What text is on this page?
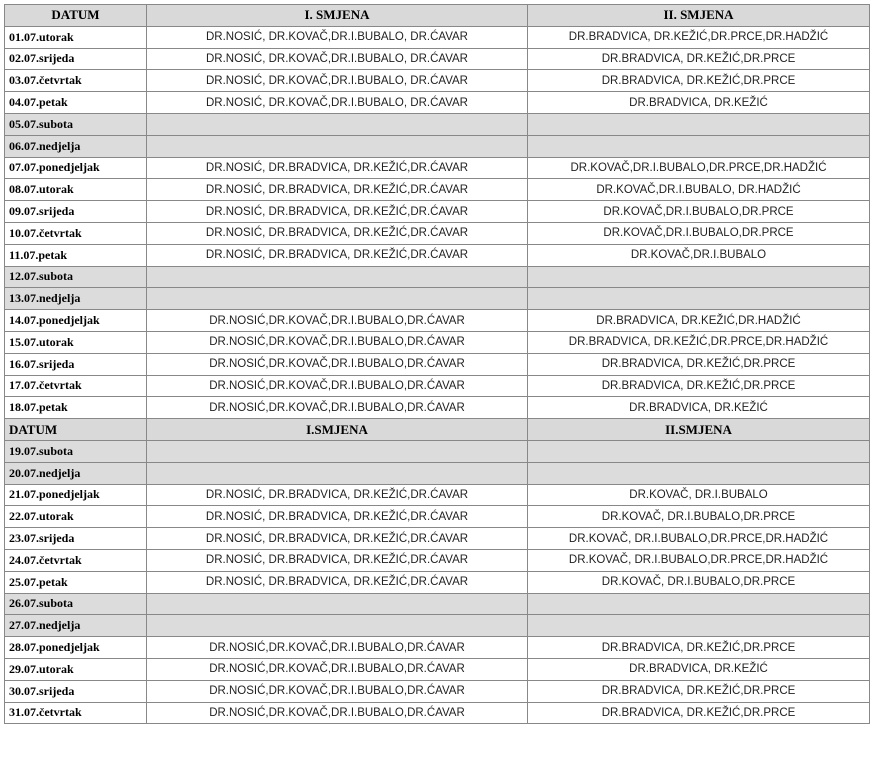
DATUM	I. SMJENA	II. SMJENA
01.07.utorak	DR.NOSIĆ, DR.KOVAČ,DR.I.BUBALO, DR.ĆAVAR	DR.BRADVICA, DR.KEŽIĆ,DR.PRCE,DR.HADŽIĆ
02.07.srijeda	DR.NOSIĆ, DR.KOVAČ,DR.I.BUBALO, DR.ĆAVAR	DR.BRADVICA, DR.KEŽIĆ,DR.PRCE
03.07.četvrtak	DR.NOSIĆ, DR.KOVAČ,DR.I.BUBALO, DR.ĆAVAR	DR.BRADVICA, DR.KEŽIĆ,DR.PRCE
04.07.petak	DR.NOSIĆ, DR.KOVAČ,DR.I.BUBALO, DR.ĆAVAR	DR.BRADVICA, DR.KEŽIĆ
05.07.subota		
06.07.nedjelja		
07.07.ponedjeljak	DR.NOSIĆ, DR.BRADVICA, DR.KEŽIĆ,DR.ĆAVAR	DR.KOVAČ,DR.I.BUBALO,DR.PRCE,DR.HADŽIĆ
08.07.utorak	DR.NOSIĆ, DR.BRADVICA, DR.KEŽIĆ,DR.ĆAVAR	DR.KOVAČ,DR.I.BUBALO, DR.HADŽIĆ
09.07.srijeda	DR.NOSIĆ, DR.BRADVICA, DR.KEŽIĆ,DR.ĆAVAR	DR.KOVAČ,DR.I.BUBALO,DR.PRCE
10.07.četvrtak	DR.NOSIĆ, DR.BRADVICA, DR.KEŽIĆ,DR.ĆAVAR	DR.KOVAČ,DR.I.BUBALO,DR.PRCE
11.07.petak	DR.NOSIĆ, DR.BRADVICA, DR.KEŽIĆ,DR.ĆAVAR	DR.KOVAČ,DR.I.BUBALO
12.07.subota		
13.07.nedjelja		
14.07.ponedjeljak	DR.NOSIĆ,DR.KOVAČ,DR.I.BUBALO,DR.ĆAVAR	DR.BRADVICA, DR.KEŽIĆ,DR.HADŽIĆ
15.07.utorak	DR.NOSIĆ,DR.KOVAČ,DR.I.BUBALO,DR.ĆAVAR	DR.BRADVICA, DR.KEŽIĆ,DR.PRCE,DR.HADŽIĆ
16.07.srijeda	DR.NOSIĆ,DR.KOVAČ,DR.I.BUBALO,DR.ĆAVAR	DR.BRADVICA, DR.KEŽIĆ,DR.PRCE
17.07.četvrtak	DR.NOSIĆ,DR.KOVAČ,DR.I.BUBALO,DR.ĆAVAR	DR.BRADVICA, DR.KEŽIĆ,DR.PRCE
18.07.petak	DR.NOSIĆ,DR.KOVAČ,DR.I.BUBALO,DR.ĆAVAR	DR.BRADVICA, DR.KEŽIĆ
DATUM	I.SMJENA	II.SMJENA
19.07.subota		
20.07.nedjelja		
21.07.ponedjeljak	DR.NOSIĆ, DR.BRADVICA, DR.KEŽIĆ,DR.ĆAVAR	DR.KOVAČ, DR.I.BUBALO
22.07.utorak	DR.NOSIĆ, DR.BRADVICA, DR.KEŽIĆ,DR.ĆAVAR	DR.KOVAČ, DR.I.BUBALO,DR.PRCE
23.07.srijeda	DR.NOSIĆ, DR.BRADVICA, DR.KEŽIĆ,DR.ĆAVAR	DR.KOVAČ, DR.I.BUBALO,DR.PRCE,DR.HADŽIĆ
24.07.četvrtak	DR.NOSIĆ, DR.BRADVICA, DR.KEŽIĆ,DR.ĆAVAR	DR.KOVAČ, DR.I.BUBALO,DR.PRCE,DR.HADŽIĆ
25.07.petak	DR.NOSIĆ, DR.BRADVICA, DR.KEŽIĆ,DR.ĆAVAR	DR.KOVAČ, DR.I.BUBALO,DR.PRCE
26.07.subota		
27.07.nedjelja		
28.07.ponedjeljak	DR.NOSIĆ,DR.KOVAČ,DR.I.BUBALO,DR.ĆAVAR	DR.BRADVICA, DR.KEŽIĆ,DR.PRCE
29.07.utorak	DR.NOSIĆ,DR.KOVAČ,DR.I.BUBALO,DR.ĆAVAR	DR.BRADVICA, DR.KEŽIĆ
30.07.srijeda	DR.NOSIĆ,DR.KOVAČ,DR.I.BUBALO,DR.ĆAVAR	DR.BRADVICA, DR.KEŽIĆ,DR.PRCE
31.07.četvrtak	DR.NOSIĆ,DR.KOVAČ,DR.I.BUBALO,DR.ĆAVAR	DR.BRADVICA, DR.KEŽIĆ,DR.PRCE
